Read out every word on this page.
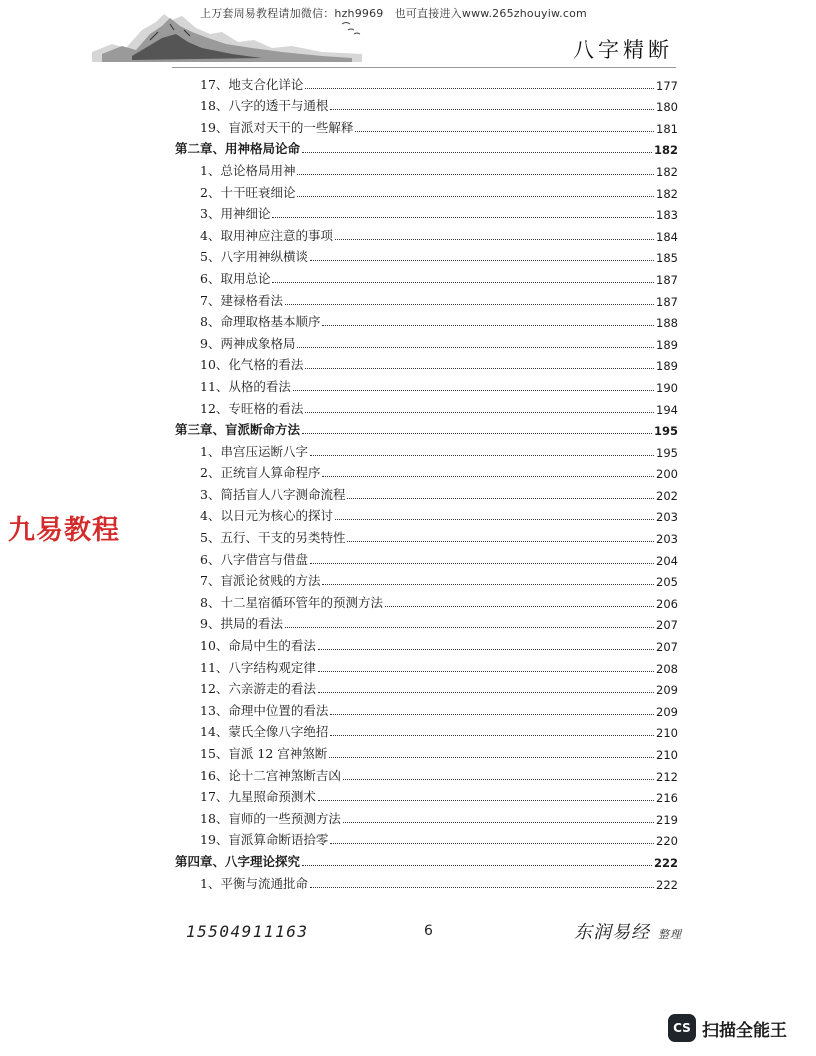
上万套周易教程请加微信：hzh9969　也可直接进入www.265zhouyiw.com
八字精断
17、地支合化详论	177
18、八字的透干与通根	180
19、盲派对天干的一些解释	181
第二章、用神格局论命	182
1、总论格局用神	182
2、十干旺衰细论	182
3、用神细论	183
4、取用神应注意的事项	184
5、八字用神纵横谈	185
6、取用总论	187
7、建禄格看法	187
8、命理取格基本顺序	188
9、两神成象格局	189
10、化气格的看法	189
11、从格的看法	190
12、专旺格的看法	194
第三章、盲派断命方法	195
1、串宫压运断八字	195
2、正统盲人算命程序	200
3、简括盲人八字测命流程	202
4、以日元为核心的探讨	203
5、五行、干支的另类特性	203
6、八字借宫与借盘	204
7、盲派论贫贱的方法	205
8、十二星宿循环管年的预测方法	206
9、拱局的看法	207
10、命局中生的看法	207
11、八字结构观定律	208
12、六亲游走的看法	209
13、命理中位置的看法	209
14、蒙氏全像八字绝招	210
15、盲派 12 宫神煞断	210
16、论十二宫神煞断吉凶	212
17、九星照命预测术	216
18、盲师的一些预测方法	219
19、盲派算命断语拾零	220
第四章、八字理论探究	222
1、平衡与流通批命	222
九易教程
15504911163	6	东润易经 整理
CS 扫描全能王
